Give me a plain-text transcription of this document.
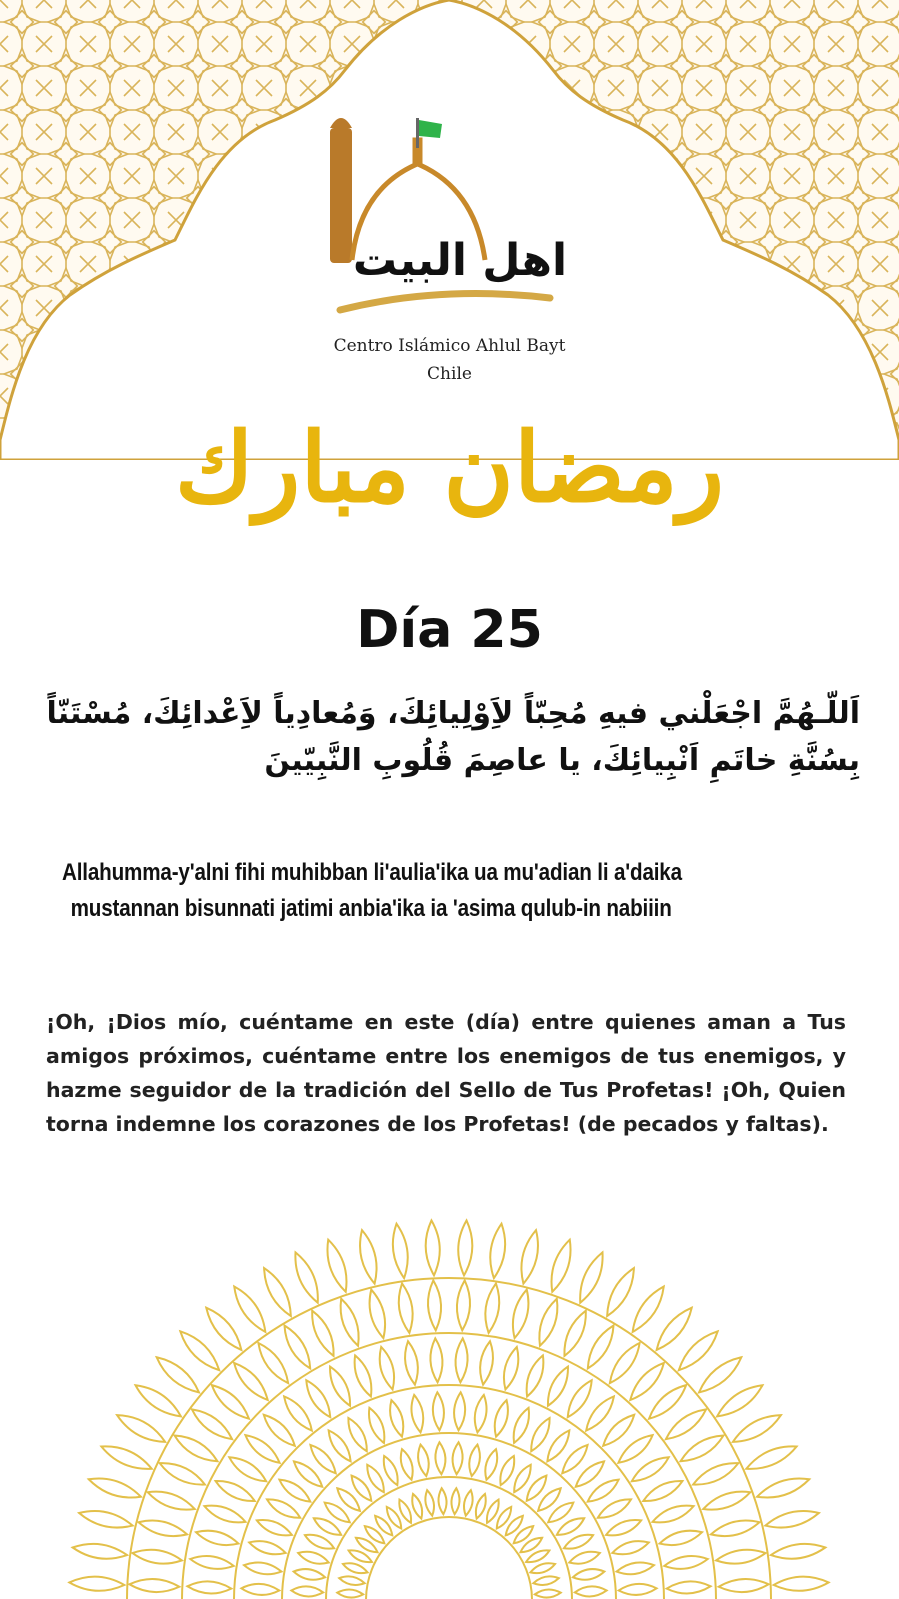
اهل البيت
Centro Islámico Ahlul Bayt
Chile
رمضان مبارك
Día 25
اَللّـهُمَّ اجْعَلْني فيهِ مُحِبّاً لاَِوْلِيائِكَ، وَمُعادِياً لاَِعْدائِكَ، مُسْتَنّاً بِسُنَّةِ خاتَمِ اَنْبِيائِكَ، يا عاصِمَ قُلُوبِ النَّبِيّينَ
Allahumma-y'alni fihi muhibban li'aulia'ika ua mu'adian li a'daika
mustannan bisunnati jatimi anbia'ika ia 'asima qulub-in nabiiin
¡Oh, ¡Dios mío, cuéntame en este (día) entre quienes aman a Tus amigos próximos, cuéntame entre los enemigos de tus enemigos, y hazme seguidor de la tradición del Sello de Tus Profetas! ¡Oh, Quien torna indemne los corazones de los Profetas! (de pecados y faltas).
